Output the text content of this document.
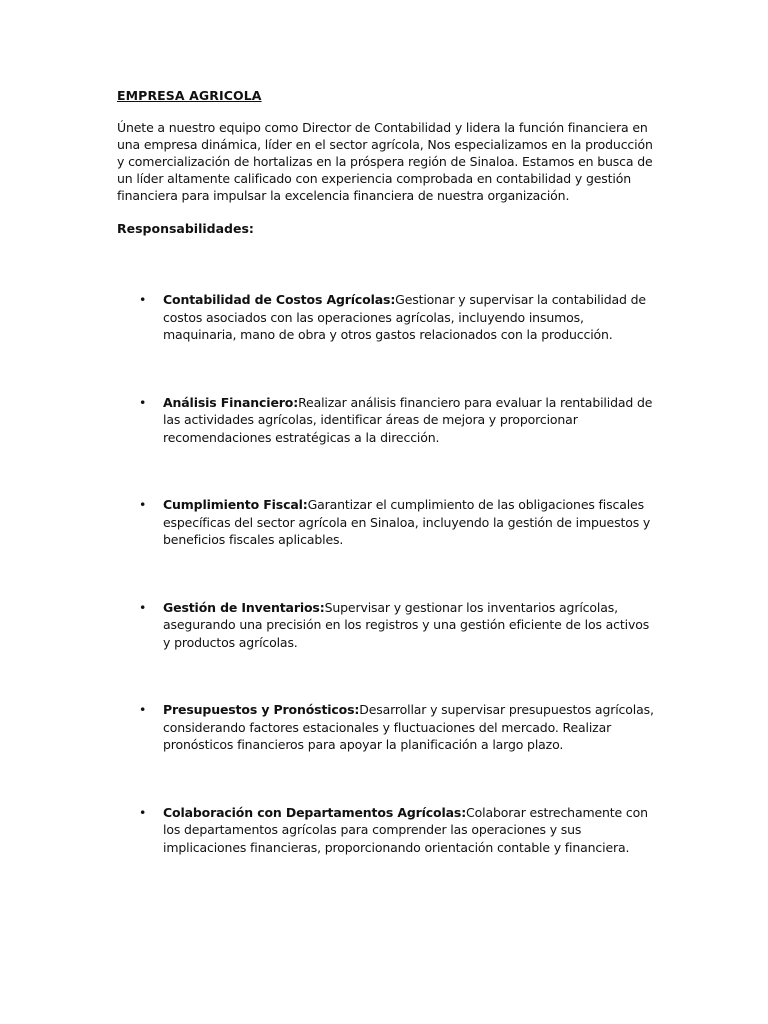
EMPRESA AGRICOLA
Únete a nuestro equipo como Director de Contabilidad y lidera la función financiera en una empresa dinámica, líder en el sector agrícola, Nos especializamos en la producción y comercialización de hortalizas en la próspera región de Sinaloa. Estamos en busca de un líder altamente calificado con experiencia comprobada en contabilidad y gestión financiera para impulsar la excelencia financiera de nuestra organización.
Responsabilidades:
• Contabilidad de Costos Agrícolas:Gestionar y supervisar la contabilidad de costos asociados con las operaciones agrícolas, incluyendo insumos, maquinaria, mano de obra y otros gastos relacionados con la producción.
• Análisis Financiero:Realizar análisis financiero para evaluar la rentabilidad de las actividades agrícolas, identificar áreas de mejora y proporcionar recomendaciones estratégicas a la dirección.
• Cumplimiento Fiscal:Garantizar el cumplimiento de las obligaciones fiscales específicas del sector agrícola en Sinaloa, incluyendo la gestión de impuestos y beneficios fiscales aplicables.
• Gestión de Inventarios:Supervisar y gestionar los inventarios agrícolas, asegurando una precisión en los registros y una gestión eficiente de los activos y productos agrícolas.
• Presupuestos y Pronósticos:Desarrollar y supervisar presupuestos agrícolas, considerando factores estacionales y fluctuaciones del mercado. Realizar pronósticos financieros para apoyar la planificación a largo plazo.
• Colaboración con Departamentos Agrícolas:Colaborar estrechamente con los departamentos agrícolas para comprender las operaciones y sus implicaciones financieras, proporcionando orientación contable y financiera.
